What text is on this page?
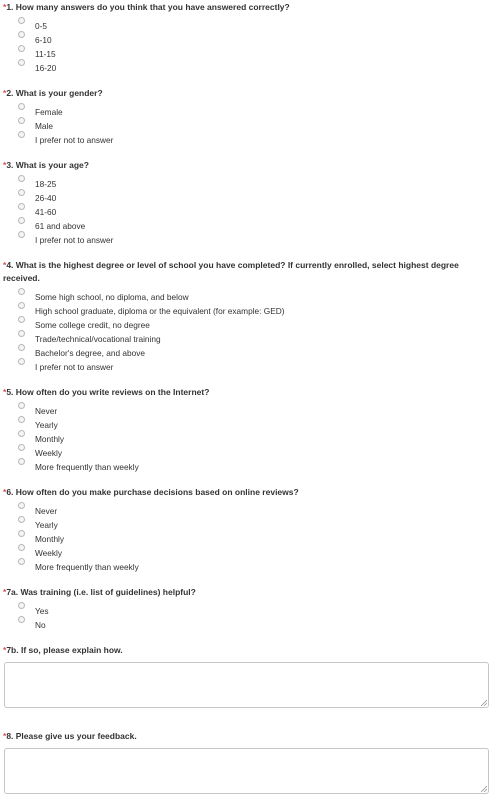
*1. How many answers do you think that you have answered correctly?
0-5
6-10
11-15
16-20
*2. What is your gender?
Female
Male
I prefer not to answer
*3. What is your age?
18-25
26-40
41-60
61 and above
I prefer not to answer
*4. What is the highest degree or level of school you have completed? If currently enrolled, select highest degree received.
Some high school, no diploma, and below
High school graduate, diploma or the equivalent (for example: GED)
Some college credit, no degree
Trade/technical/vocational training
Bachelor's degree, and above
I prefer not to answer
*5. How often do you write reviews on the Internet?
Never
Yearly
Monthly
Weekly
More frequently than weekly
*6. How often do you make purchase decisions based on online reviews?
Never
Yearly
Monthly
Weekly
More frequently than weekly
*7a. Was training (i.e. list of guidelines) helpful?
Yes
No
*7b. If so, please explain how.
*8. Please give us your feedback.
